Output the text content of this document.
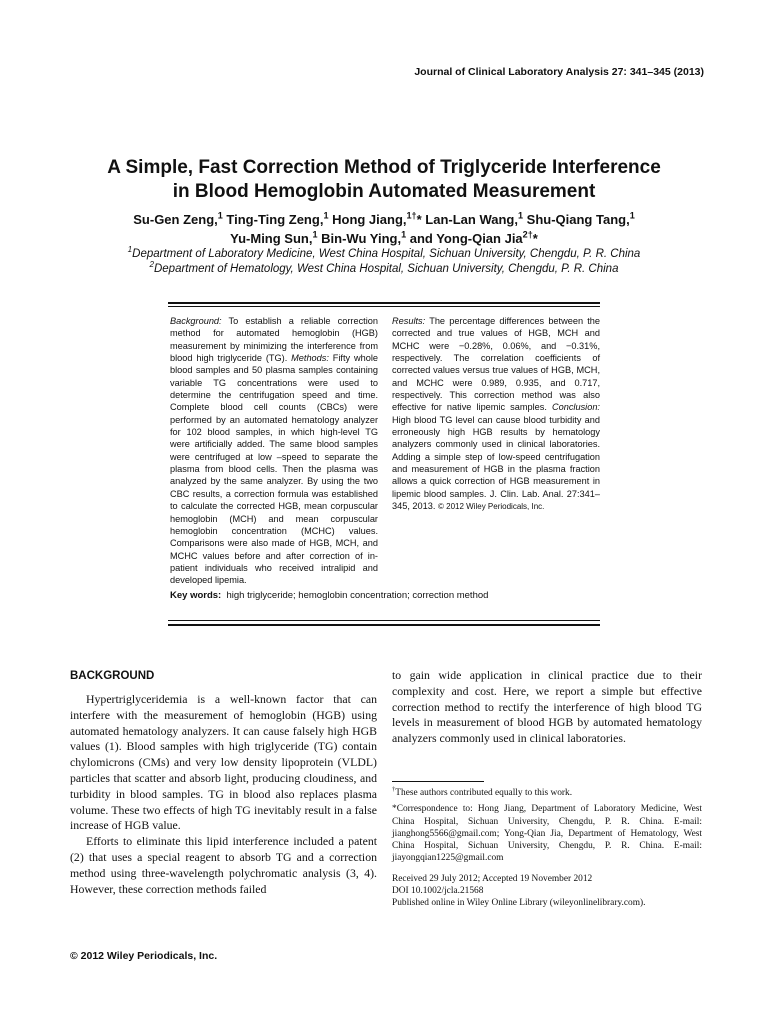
Journal of Clinical Laboratory Analysis 27: 341–345 (2013)
A Simple, Fast Correction Method of Triglyceride Interference
in Blood Hemoglobin Automated Measurement
Su-Gen Zeng,$^1$ Ting-Ting Zeng,$^1$ Hong Jiang,$^{1\dagger}$* Lan-Lan Wang,$^1$ Shu-Qiang Tang,$^1$
Yu-Ming Sun,$^1$ Bin-Wu Ying,$^1$ and Yong-Qian Jia$^{2\dagger}$*
$^1$Department of Laboratory Medicine, West China Hospital, Sichuan University, Chengdu, P. R. China
$^2$Department of Hematology, West China Hospital, Sichuan University, Chengdu, P. R. China
Background: To establish a reliable correction method for automated hemoglobin (HGB) measurement by minimizing the interference from blood high triglyceride (TG). Methods: Fifty whole blood samples and 50 plasma samples containing variable TG concentrations were used to determine the centrifugation speed and time. Complete blood cell counts (CBCs) were performed by an automated hematology analyzer for 102 blood samples, in which high-level TG were artificially added. The same blood samples were centrifuged at low –speed to separate the plasma from blood cells. Then the plasma was analyzed by the same analyzer. By using the two CBC results, a correction formula was established to calculate the corrected HGB, mean corpuscular hemoglobin (MCH) and mean corpuscular hemoglobin concentration (MCHC) values. Comparisons were also made of HGB, MCH, and MCHC values before and after correction of in-patient individuals who received intralipid and developed lipemia.
Results: The percentage differences between the corrected and true values of HGB, MCH and MCHC were −0.28%, 0.06%, and −0.31%, respectively. The correlation coefficients of corrected values versus true values of HGB, MCH, and MCHC were 0.989, 0.935, and 0.717, respectively. This correction method was also effective for native lipemic samples. Conclusion: High blood TG level can cause blood turbidity and erroneously high HGB results by hematology analyzers commonly used in clinical laboratories. Adding a simple step of low-speed centrifugation and measurement of HGB in the plasma fraction allows a quick correction of HGB measurement in lipemic blood samples. J. Clin. Lab. Anal. 27:341–345, 2013. © 2012 Wiley Periodicals, Inc.
Key words: high triglyceride; hemoglobin concentration; correction method
BACKGROUND

Hypertriglyceridemia is a well-known factor that can interfere with the measurement of hemoglobin (HGB) using automated hematology analyzers. It can cause falsely high HGB values (1). Blood samples with high triglyceride (TG) contain chylomicrons (CMs) and very low density lipoprotein (VLDL) particles that scatter and absorb light, producing cloudiness, and turbidity in blood samples. TG in blood also replaces plasma volume. These two effects of high TG inevitably result in a false increase of HGB value.

Efforts to eliminate this lipid interference included a patent (2) that uses a special reagent to absorb TG and a correction method using three-wavelength polychromatic analysis (3, 4). However, these correction methods failed

to gain wide application in clinical practice due to their complexity and cost. Here, we report a simple but effective correction method to rectify the interference of high blood TG levels in measurement of blood HGB by automated hematology analyzers commonly used in clinical laboratories.

†These authors contributed equally to this work.

*Correspondence to: Hong Jiang, Department of Laboratory Medicine, West China Hospital, Sichuan University, Chengdu, P. R. China. E-mail: jianghong5566@gmail.com; Yong-Qian Jia, Department of Hematology, West China Hospital, Sichuan University, Chengdu, P. R. China. E-mail: jiayongqian1225@gmail.com

Received 29 July 2012; Accepted 19 November 2012

DOI 10.1002/jcla.21568

Published online in Wiley Online Library (wileyonlinelibrary.com).

© 2012 Wiley Periodicals, Inc.
